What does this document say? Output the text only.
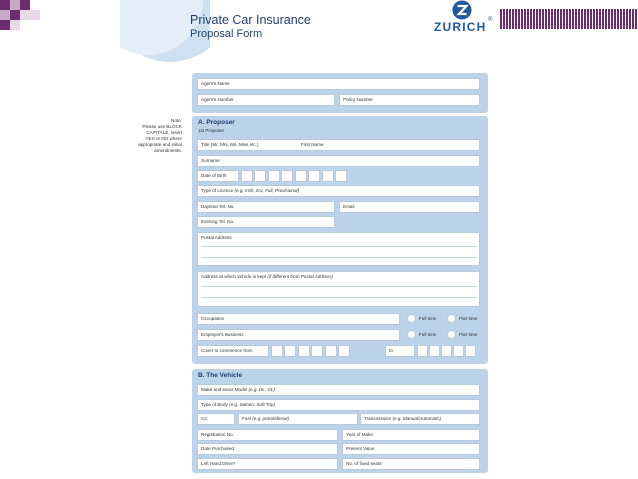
Private Car Insurance
Proposal Form	ZURICH ®
Note:
Please use BLOCK
CAPITALS, insert
YES or NO where
appropriate and initial
amendments.
Agent's Name
Agent's Number	Policy Number
A. Proposer
1st Proposer
Title (Mr, Mrs, Ms, Miss etc.)	First Name
Surname
Date of Birth
Type of Licence (e.g. Irish, EU, Full, Provisional)
Daytime Tel. No.	Email
Evening Tel. No.
Postal Address
Address at which vehicle is kept (if different from Postal Address)
Occupation	Full time	Part time
Employer's Business	Full time	Part time
Cover to commence from	to
B. The Vehicle
Make and exact Model (e.g. DL, GL)
Type of Body (e.g. Saloon, Soft Top)
CC	Fuel (e.g. petrol/diesel)	Transmission (e.g. Manual/Automatic)
Registration No.	Year of Make
Date Purchased	Present Value
Left Hand Drive?	No. of fixed seats
